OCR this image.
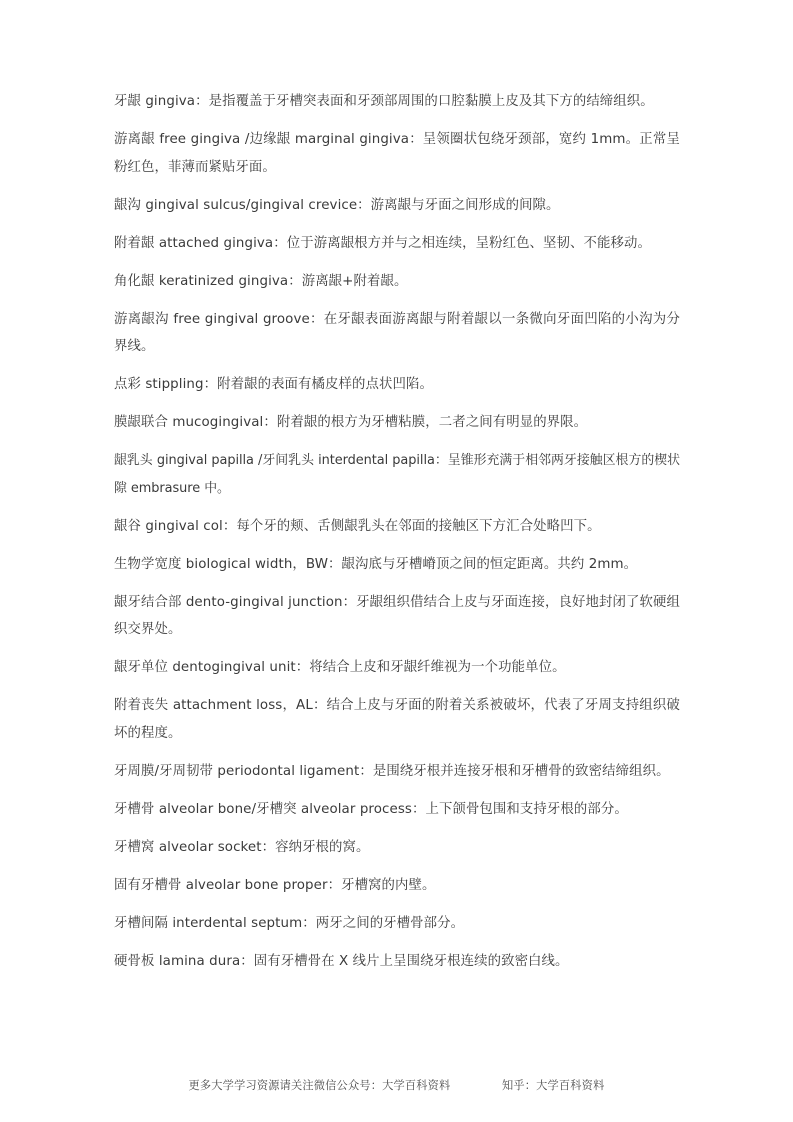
牙龈 gingiva：是指覆盖于牙槽突表面和牙颈部周围的口腔黏膜上皮及其下方的结缔组织。

游离龈 free gingiva /边缘龈 marginal gingiva：呈领圈状包绕牙颈部，宽约 1mm。正常呈粉红色，菲薄而紧贴牙面。

龈沟 gingival sulcus/gingival crevice：游离龈与牙面之间形成的间隙。

附着龈 attached gingiva：位于游离龈根方并与之相连续，呈粉红色、坚韧、不能移动。

角化龈 keratinized gingiva：游离龈+附着龈。

游离龈沟 free gingival groove：在牙龈表面游离龈与附着龈以一条微向牙面凹陷的小沟为分界线。

点彩 stippling：附着龈的表面有橘皮样的点状凹陷。

膜龈联合 mucogingival：附着龈的根方为牙槽粘膜，二者之间有明显的界限。

龈乳头 gingival papilla /牙间乳头 interdental papilla：呈锥形充满于相邻两牙接触区根方的楔状隙 embrasure 中。

龈谷 gingival col：每个牙的颊、舌侧龈乳头在邻面的接触区下方汇合处略凹下。

生物学宽度 biological width，BW：龈沟底与牙槽嵴顶之间的恒定距离。共约 2mm。

龈牙结合部 dento-gingival junction：牙龈组织借结合上皮与牙面连接，良好地封闭了软硬组织交界处。

龈牙单位 dentogingival unit：将结合上皮和牙龈纤维视为一个功能单位。

附着丧失 attachment loss，AL：结合上皮与牙面的附着关系被破坏，代表了牙周支持组织破坏的程度。

牙周膜/牙周韧带 periodontal ligament：是围绕牙根并连接牙根和牙槽骨的致密结缔组织。

牙槽骨 alveolar bone/牙槽突 alveolar process：上下颌骨包围和支持牙根的部分。

牙槽窝 alveolar socket：容纳牙根的窝。

固有牙槽骨 alveolar bone proper：牙槽窝的内壁。

牙槽间隔 interdental septum：两牙之间的牙槽骨部分。

硬骨板 lamina dura：固有牙槽骨在 X 线片上呈围绕牙根连续的致密白线。

更多大学学习资源请关注微信公众号：大学百科资料	知乎：大学百科资料
